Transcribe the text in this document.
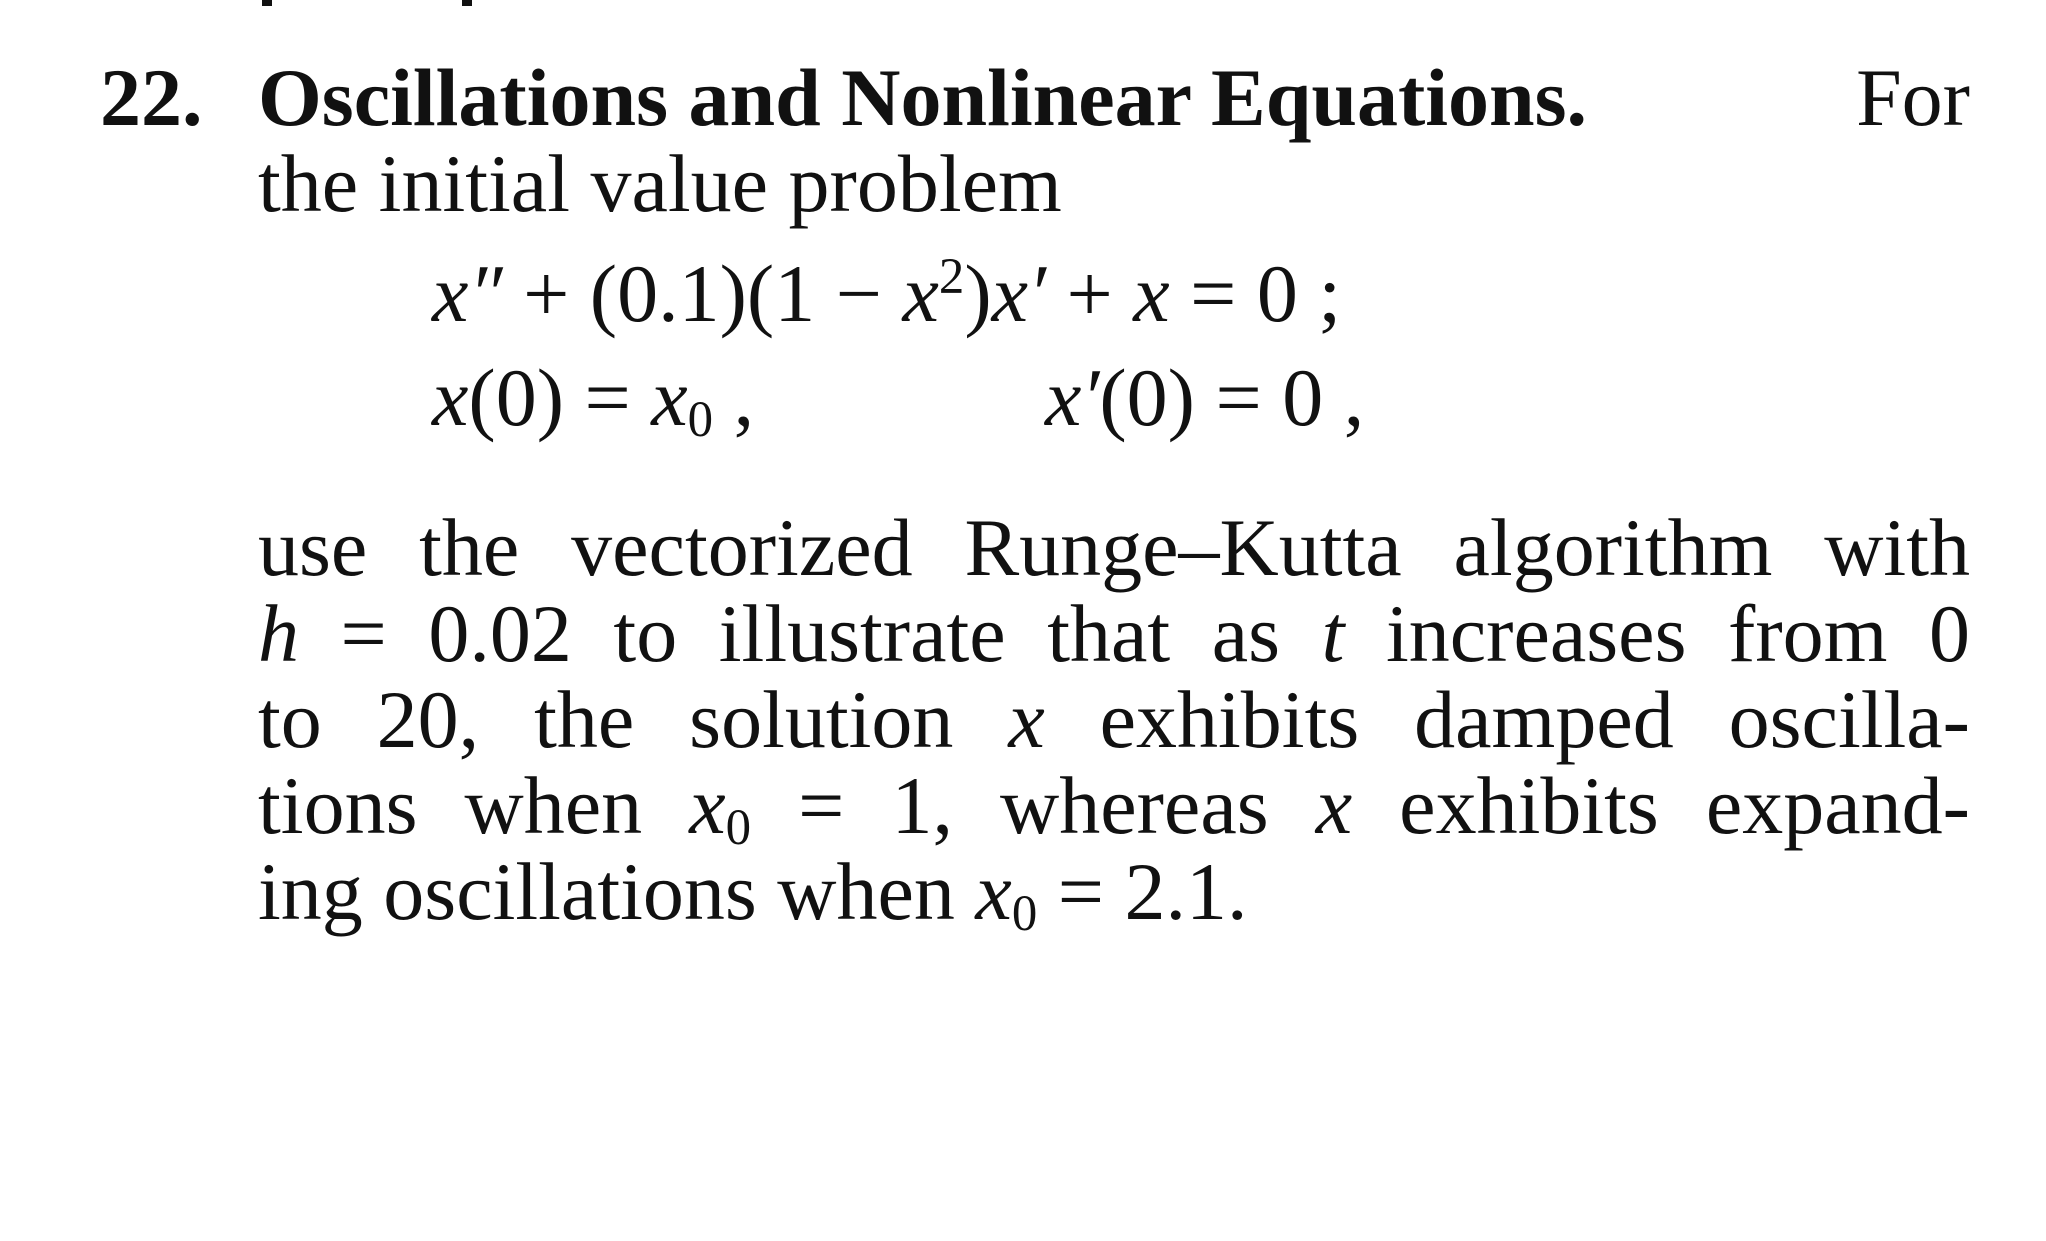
22. Oscillations and Nonlinear Equations.	For
the initial value problem
$x'' + (0.1)(1 - x^2)x' + x = 0$ ;
$x(0) = x_0$ ,	x′(0) = 0 ,
use the vectorized Runge–Kutta algorithm with
h = 0.02 to illustrate that as t increases from 0
to 20, the solution x exhibits damped oscilla-
tions when $x_0 = 1$, whereas x exhibits expand-
ing oscillations when $x_0 = 2.1$.
